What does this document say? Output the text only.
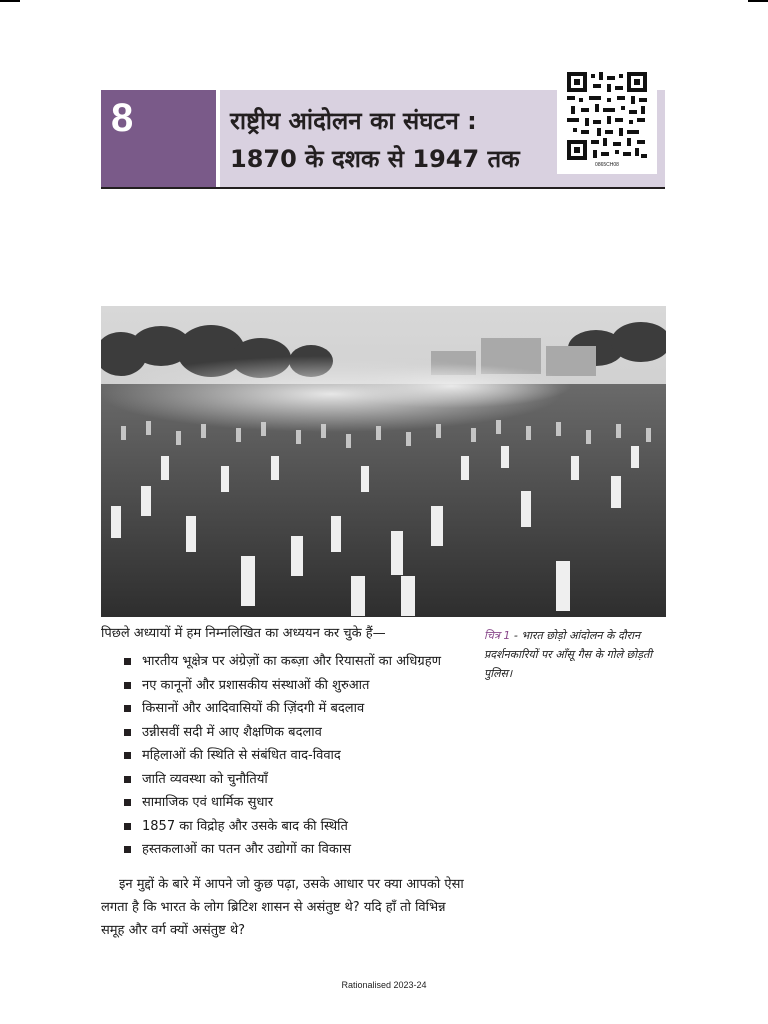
8	राष्ट्रीय आंदोलन का संघटन :
1870 के दशक से 1947 तक	0865CH08
चित्र 1 - भारत छोड़ो आंदोलन के दौरान प्रदर्शनकारियों पर आँसू गैस के गोले छोड़ती पुलिस।
पिछले अध्यायों में हम निम्नलिखित का अध्ययन कर चुके हैं—
भारतीय भूक्षेत्र पर अंग्रेज़ों का कब्ज़ा और रियासतों का अधिग्रहण
नए कानूनों और प्रशासकीय संस्थाओं की शुरुआत
किसानों और आदिवासियों की ज़िंदगी में बदलाव
उन्नीसवीं सदी में आए शैक्षणिक बदलाव
महिलाओं की स्थिति से संबंधित वाद-विवाद
जाति व्यवस्था को चुनौतियाँ
सामाजिक एवं धार्मिक सुधार
1857 का विद्रोह और उसके बाद की स्थिति
हस्तकलाओं का पतन और उद्योगों का विकास
इन मुद्दों के बारे में आपने जो कुछ पढ़ा, उसके आधार पर क्या आपको ऐसा लगता है कि भारत के लोग ब्रिटिश शासन से असंतुष्ट थे? यदि हाँ तो विभिन्न समूह और वर्ग क्यों असंतुष्ट थे?
Rationalised 2023-24
